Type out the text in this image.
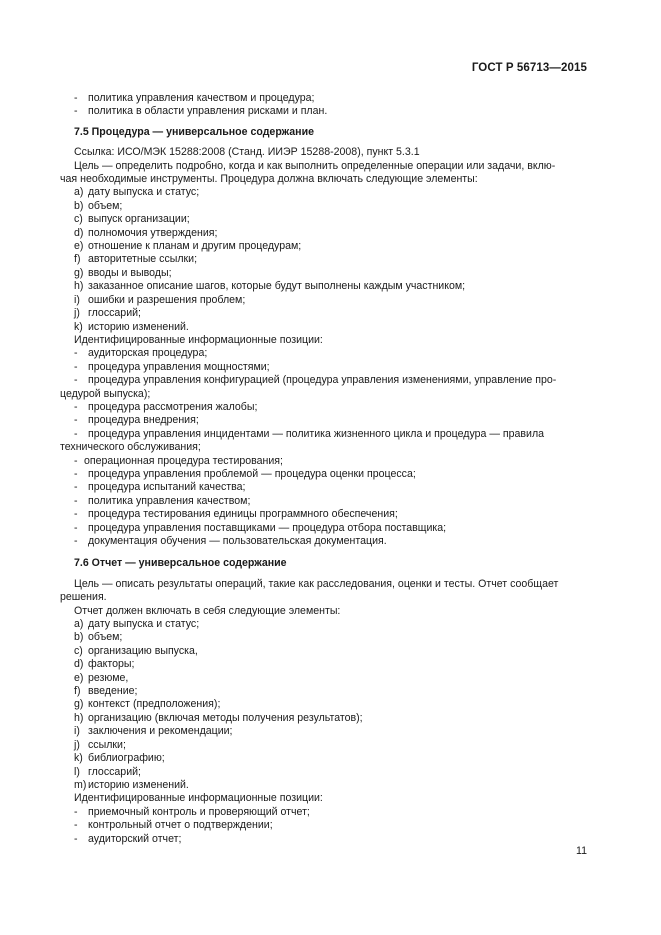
ГОСТ Р 56713—2015
- политика управления качеством и процедура;
- политика в области управления рисками и план.
7.5 Процедура — универсальное содержание
Ссылка: ИСО/МЭК 15288:2008 (Станд. ИИЭР 15288-2008), пункт 5.3.1
Цель — определить подробно, когда и как выполнить определенные операции или задачи, вклю-
чая необходимые инструменты. Процедура должна включать следующие элементы:
a) дату выпуска и статус;
b) объем;
c) выпуск организации;
d) полномочия утверждения;
e) отношение к планам и другим процедурам;
f) авторитетные ссылки;
g) вводы и выводы;
h) заказанное описание шагов, которые будут выполнены каждым участником;
i) ошибки и разрешения проблем;
j) глоссарий;
k) историю изменений.
Идентифицированные информационные позиции:
- аудиторская процедура;
- процедура управления мощностями;
- процедура управления конфигурацией (процедура управления изменениями, управление про-
цедурой выпуска);
- процедура рассмотрения жалобы;
- процедура внедрения;
- процедура управления инцидентами — политика жизненного цикла и процедура — правила
технического обслуживания;
- операционная процедура тестирования;
- процедура управления проблемой — процедура оценки процесса;
- процедура испытаний качества;
- политика управления качеством;
- процедура тестирования единицы программного обеспечения;
- процедура управления поставщиками — процедура отбора поставщика;
- документация обучения — пользовательская документация.
7.6 Отчет — универсальное содержание
Цель — описать результаты операций, такие как расследования, оценки и тесты. Отчет сообщает
решения.
Отчет должен включать в себя следующие элементы:
a) дату выпуска и статус;
b) объем;
c) организацию выпуска,
d) факторы;
e) резюме,
f) введение;
g) контекст (предположения);
h) организацию (включая методы получения результатов);
i) заключения и рекомендации;
j) ссылки;
k) библиографию;
l) глоссарий;
m) историю изменений.
Идентифицированные информационные позиции:
- приемочный контроль и проверяющий отчет;
- контрольный отчет о подтверждении;
- аудиторский отчет;
11
